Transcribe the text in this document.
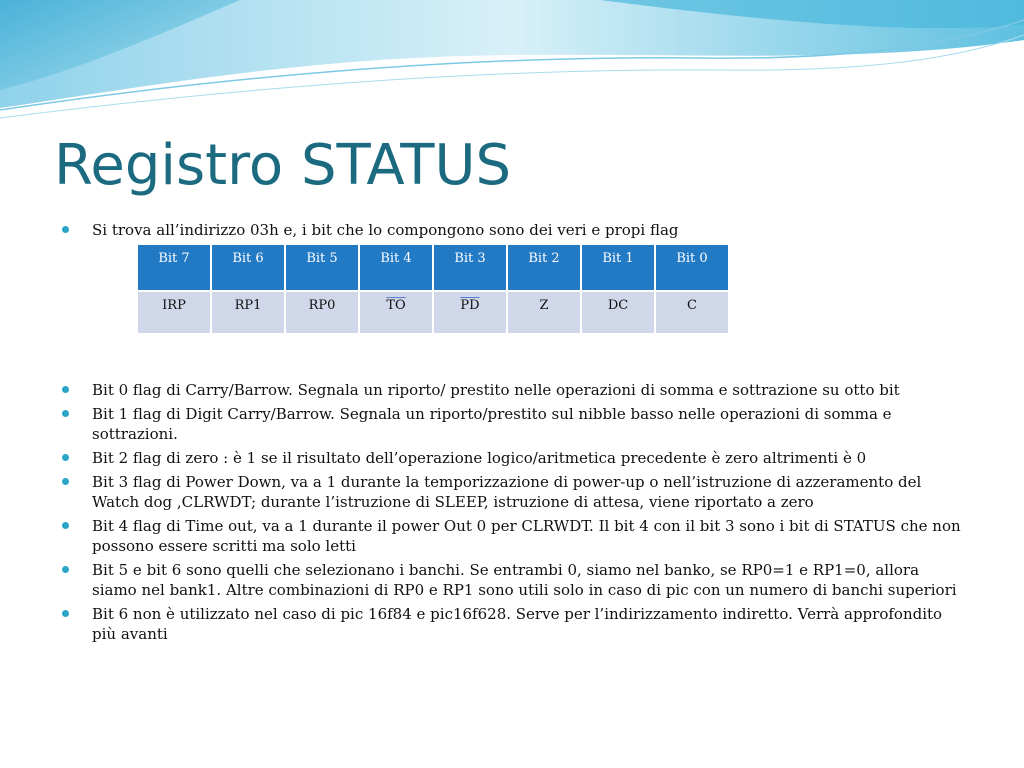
Registro STATUS
Si trova all’indirizzo 03h e, i bit che lo compongono sono dei veri e propi flag
Bit 7	Bit 6	Bit 5	Bit 4	Bit 3	Bit 2	Bit 1	Bit 0
IRP	RP1	RP0	$\overline{TO}$	$\overline{PD}$	Z	DC	C
Bit 0 flag di Carry/Barrow. Segnala un riporto/ prestito nelle operazioni di somma e sottrazione su otto bit
Bit 1 flag di Digit Carry/Barrow. Segnala un riporto/prestito sul nibble basso nelle operazioni di somma e sottrazioni.
Bit 2 flag di zero : è 1 se il risultato dell’operazione logico/aritmetica precedente è zero altrimenti è 0
Bit 3 flag di Power Down, va a 1 durante la temporizzazione di power-up o nell’istruzione di azzeramento del Watch dog ,CLRWDT; durante l’istruzione di SLEEP, istruzione di attesa, viene riportato a zero
Bit 4 flag di Time out, va a 1 durante il power Out 0 per CLRWDT. Il bit 4 con il bit 3 sono i bit di STATUS che non possono essere scritti ma solo letti
Bit 5 e bit 6 sono quelli che selezionano i banchi. Se entrambi 0, siamo nel banko, se RP0=1 e RP1=0, allora siamo nel bank1. Altre combinazioni di RP0 e RP1 sono utili solo in caso di pic con un numero di banchi superiori
Bit 6 non è utilizzato nel caso di pic 16f84 e pic16f628. Serve per l’indirizzamento indiretto. Verrà approfondito più avanti
